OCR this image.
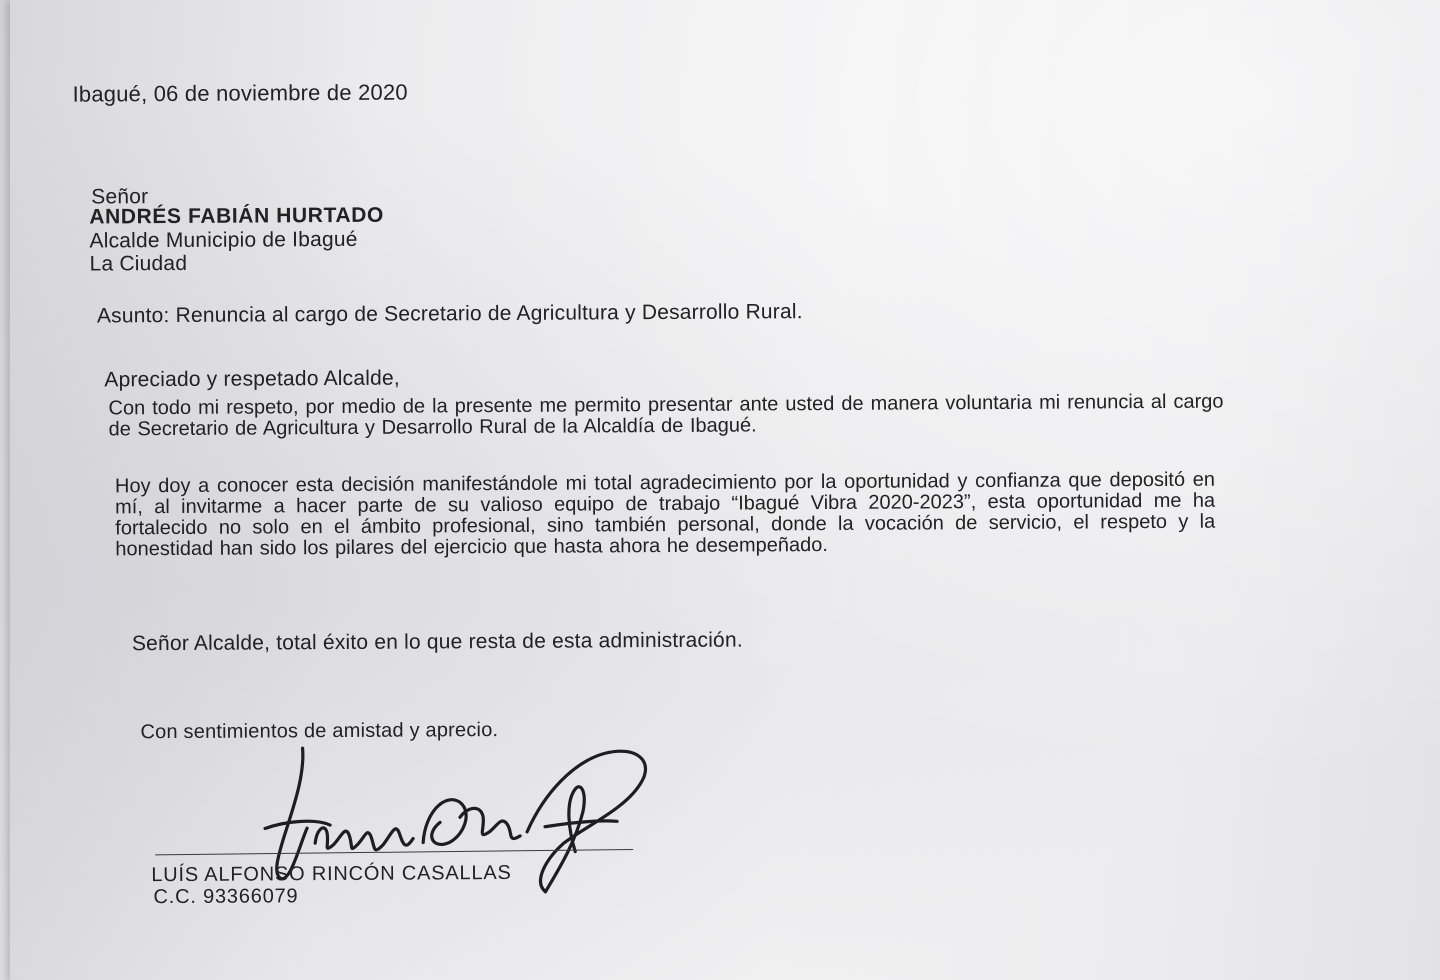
Ibagué, 06 de noviembre de 2020
Señor
ANDRÉS FABIÁN HURTADO
Alcalde Municipio de Ibagué
La Ciudad
Asunto: Renuncia al cargo de Secretario de Agricultura y Desarrollo Rural.
Apreciado y respetado Alcalde,
Con todo mi respeto, por medio de la presente me permito presentar ante usted de manera voluntaria mi renuncia al cargo de Secretario de Agricultura y Desarrollo Rural de la Alcaldía de Ibagué.
Hoy doy a conocer esta decisión manifestándole mi total agradecimiento por la oportunidad y confianza que depositó en mí, al invitarme a hacer parte de su valioso equipo de trabajo “Ibagué Vibra 2020-2023”, esta oportunidad me ha fortalecido no solo en el ámbito profesional, sino también personal, donde la vocación de servicio, el respeto y la honestidad han sido los pilares del ejercicio que hasta ahora he desempeñado.
Señor Alcalde, total éxito en lo que resta de esta administración.
Con sentimientos de amistad y aprecio.
LUÍS ALFONSO RINCÓN CASALLAS
C.C. 93366079
